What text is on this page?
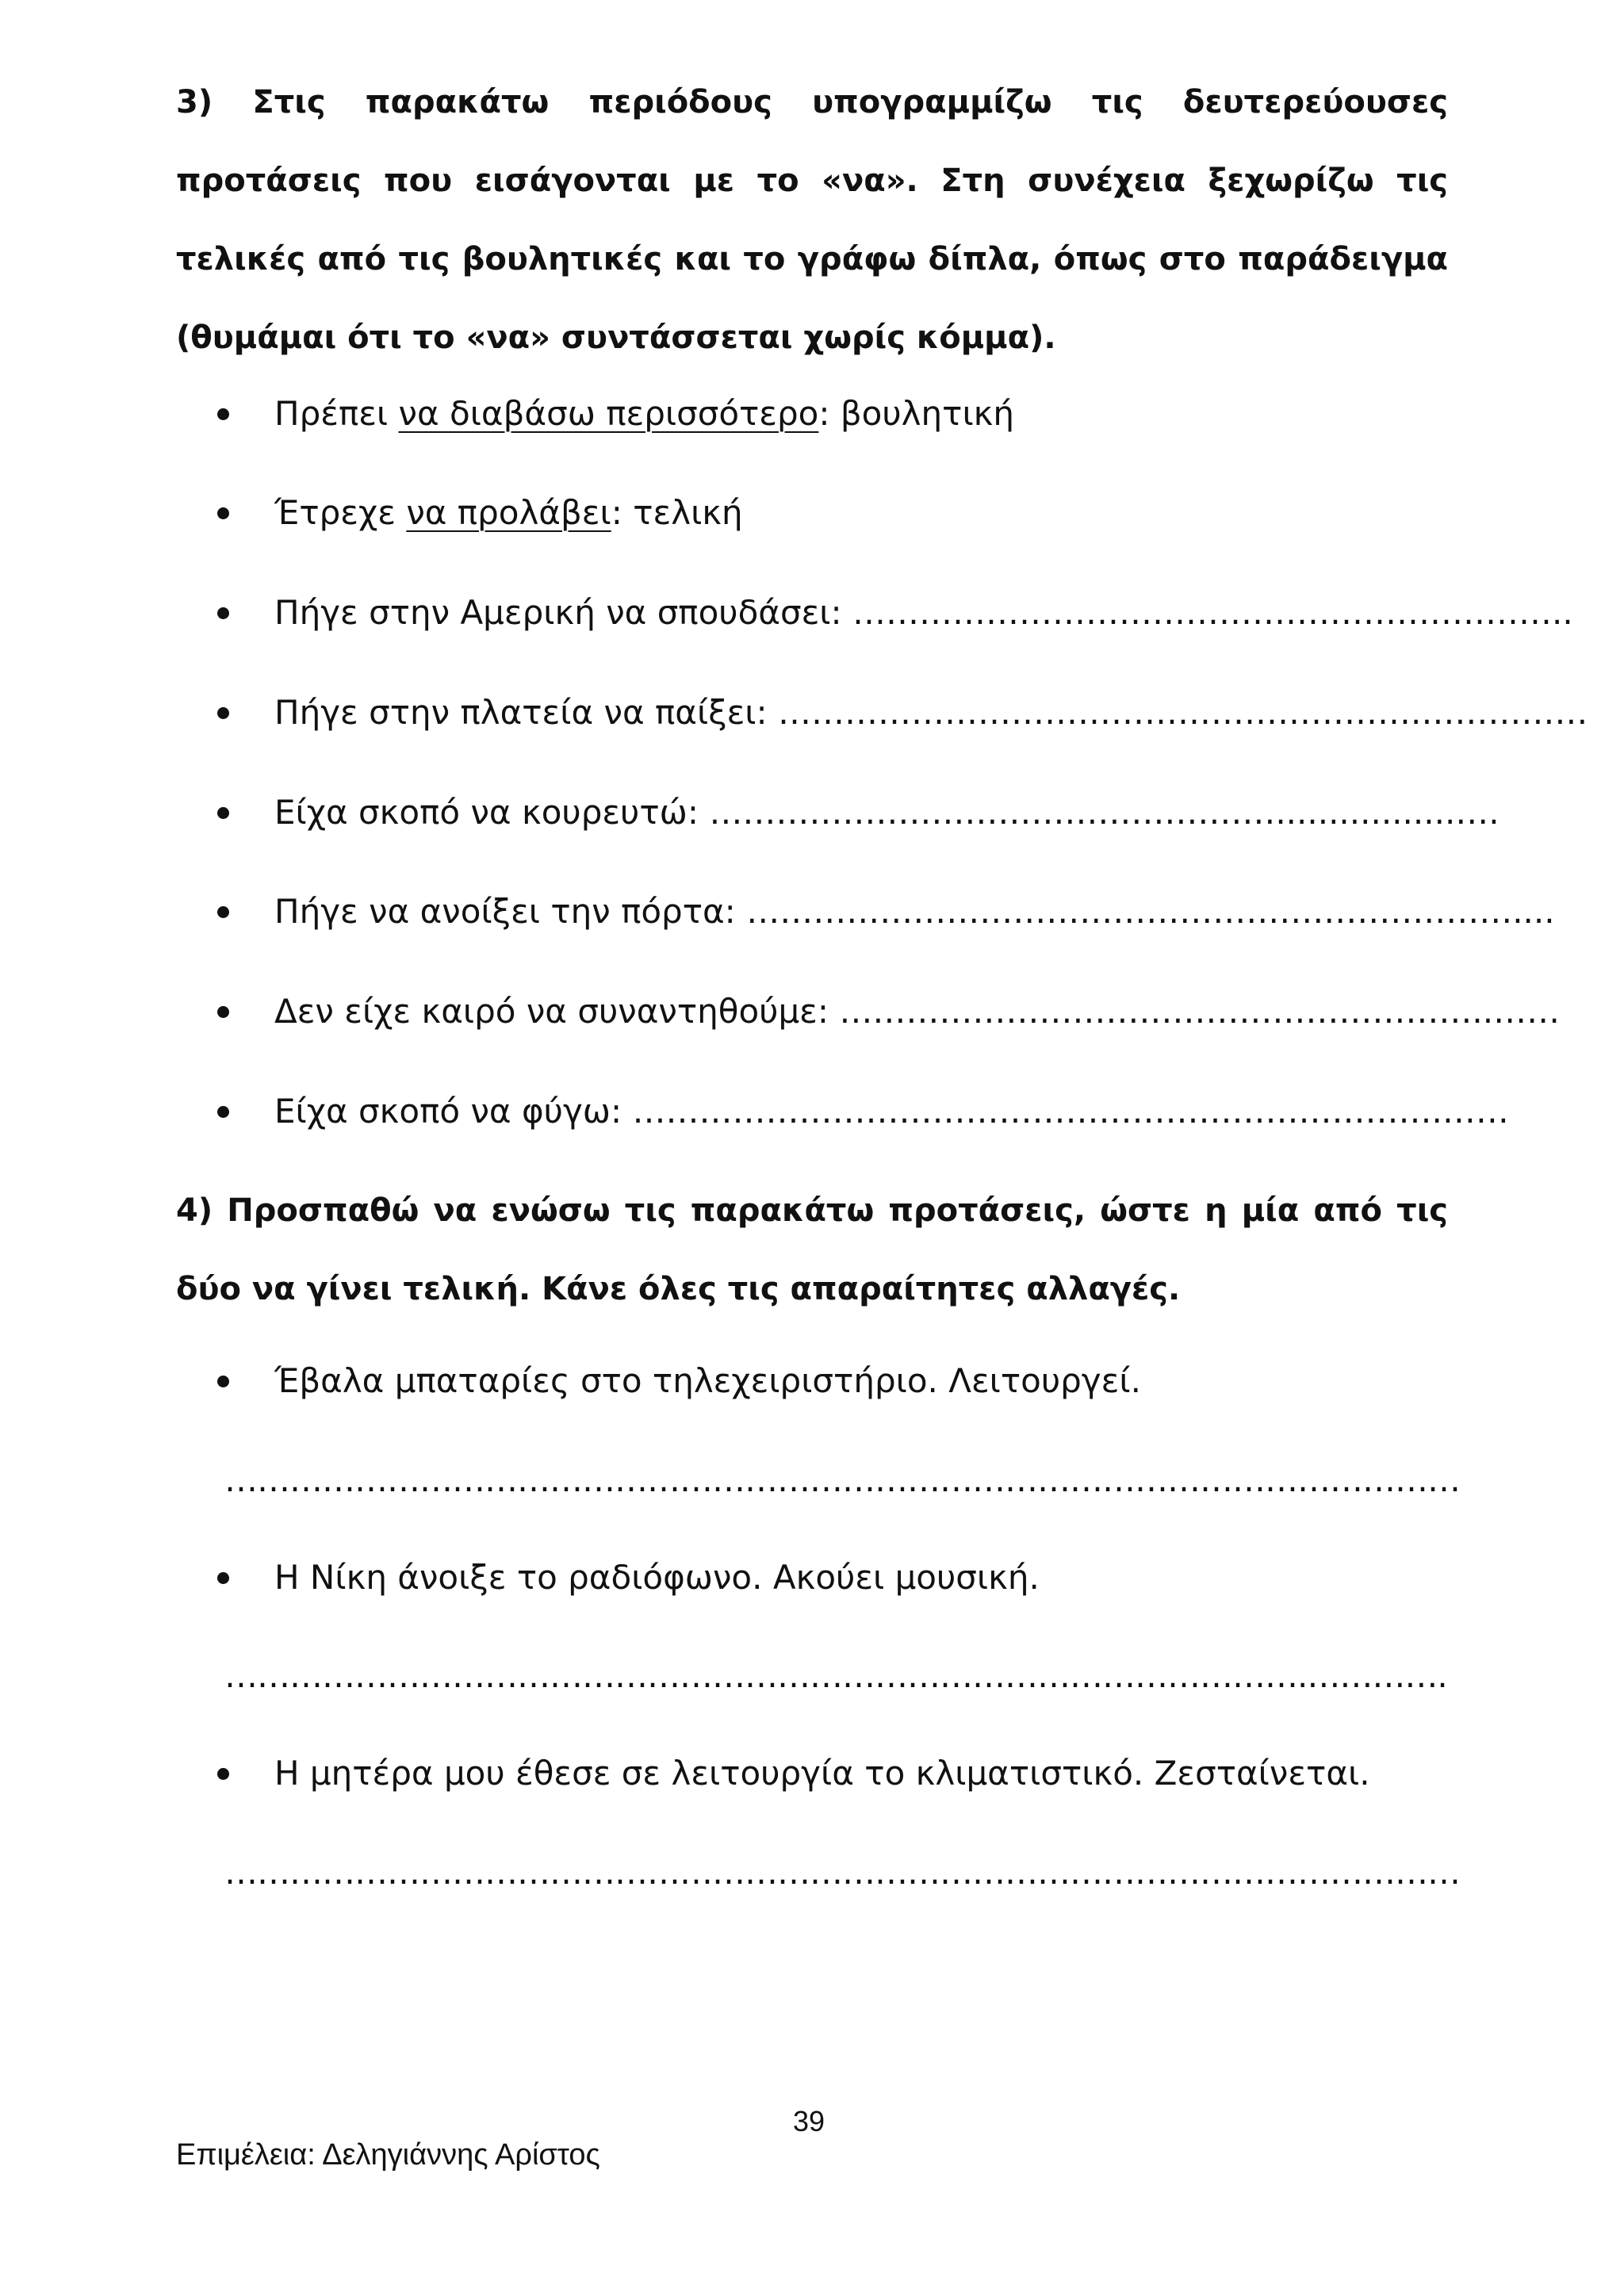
3) Στις παρακάτω περιόδους υπογραμμίζω τις δευτερεύουσες προτάσεις που εισάγονται με το «να». Στη συνέχεια ξεχωρίζω τις τελικές από τις βουλητικές και το γράφω δίπλα, όπως στο παράδειγμα (θυμάμαι ότι το «να» συντάσσεται χωρίς κόμμα).

Πρέπει να διαβάσω περισσότερο: βουλητική
Έτρεχε να προλάβει: τελική
Πήγε στην Αμερική να σπουδάσει: ………………………………………………………..
Πήγε στην πλατεία να παίξει: ………………………………………………….……………
Είχα σκοπό να κουρευτώ: …………………………………………….................….
Πήγε να ανοίξει την πόρτα: ……………………………………………………………....
Δεν είχε καιρό να συναντηθούμε: …………………………………………………..……
Είχα σκοπό να φύγω: ……………………………………………………………….……

4) Προσπαθώ να ενώσω τις παρακάτω προτάσεις, ώστε η μία από τις δύο να γίνει τελική. Κάνε όλες τις απαραίτητες αλλαγές.

Έβαλα μπαταρίες στο τηλεχειριστήριο. Λειτουργεί.
Η Νίκη άνοιξε το ραδιόφωνο. Ακούει μουσική.
Η μητέρα μου έθεσε σε λειτουργία το κλιματιστικό. Ζεσταίνεται.
……………………………………………………………………………………………………
……………………………………………………………………………………….………….
……………………………………………………………………………………………………
39
Επιμέλεια: Δεληγιάννης Αρίστος
